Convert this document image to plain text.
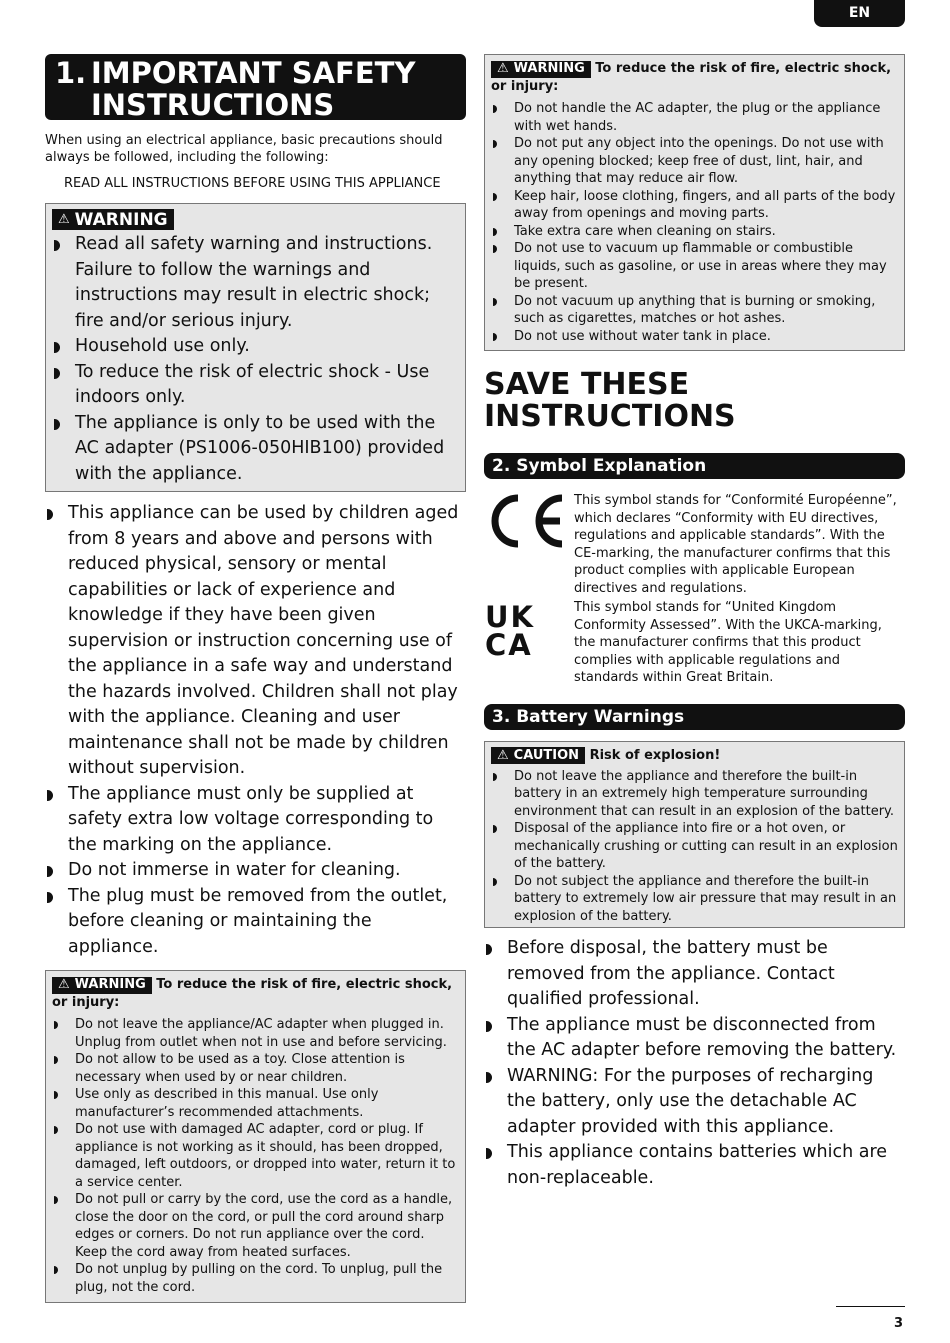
EN
1. IMPORTANT SAFETY
INSTRUCTIONS

When using an electrical appliance, basic precautions should always be followed, including the following:

READ ALL INSTRUCTIONS BEFORE USING THIS APPLIANCE

⚠ WARNING
Read all safety warning and instructions. Failure to follow the warnings and instructions may result in electric shock; fire and/or serious injury.
Household use only.
To reduce the risk of electric shock - Use indoors only.
The appliance is only to be used with the AC adapter (PS1006-050HIB100) provided with the appliance.
This appliance can be used by children aged from 8 years and above and persons with reduced physical, sensory or mental capabilities or lack of experience and knowledge if they have been given supervision or instruction concerning use of the appliance in a safe way and understand the hazards involved. Children shall not play with the appliance. Cleaning and user maintenance shall not be made by children without supervision.
The appliance must only be supplied at safety extra low voltage corresponding to the marking on the appliance.
Do not immerse in water for cleaning.
The plug must be removed from the outlet, before cleaning or maintaining the appliance.
⚠ WARNING To reduce the risk of fire, electric shock, or injury:
Do not leave the appliance/AC adapter when plugged in. Unplug from outlet when not in use and before servicing.
Do not allow to be used as a toy. Close attention is necessary when used by or near children.
Use only as described in this manual. Use only manufacturer’s recommended attachments.
Do not use with damaged AC adapter, cord or plug. If appliance is not working as it should, has been dropped, damaged, left outdoors, or dropped into water, return it to a service center.
Do not pull or carry by the cord, use the cord as a handle, close the door on the cord, or pull the cord around sharp edges or corners. Do not run appliance over the cord. Keep the cord away from heated surfaces.
Do not unplug by pulling on the cord. To unplug, pull the plug, not the cord.
⚠ WARNING To reduce the risk of fire, electric shock, or injury:
Do not handle the AC adapter, the plug or the appliance with wet hands.
Do not put any object into the openings. Do not use with any opening blocked; keep free of dust, lint, hair, and anything that may reduce air flow.
Keep hair, loose clothing, fingers, and all parts of the body away from openings and moving parts.
Take extra care when cleaning on stairs.
Do not use to vacuum up flammable or combustible liquids, such as gasoline, or use in areas where they may be present.
Do not vacuum up anything that is burning or smoking, such as cigarettes, matches or hot ashes.
Do not use without water tank in place.
SAVE THESE
INSTRUCTIONS
2. Symbol Explanation
This symbol stands for “Conformité Européenne”, which declares “Conformity with EU directives, regulations and applicable standards”. With the CE-marking, the manufacturer confirms that this product complies with applicable European directives and regulations.
UK
CA
This symbol stands for “United Kingdom Conformity Assessed”. With the UKCA-marking, the manufacturer confirms that this product complies with applicable regulations and standards within Great Britain.
3. Battery Warnings
⚠ CAUTION Risk of explosion!
Do not leave the appliance and therefore the built-in battery in an extremely high temperature surrounding environment that can result in an explosion of the battery.
Disposal of the appliance into fire or a hot oven, or mechanically crushing or cutting can result in an explosion of the battery.
Do not subject the appliance and therefore the built-in battery to extremely low air pressure that may result in an explosion of the battery.
Before disposal, the battery must be removed from the appliance. Contact qualified professional.
The appliance must be disconnected from the AC adapter before removing the battery.
WARNING: For the purposes of recharging the battery, only use the detachable AC adapter provided with this appliance.
This appliance contains batteries which are non-replaceable.
3
